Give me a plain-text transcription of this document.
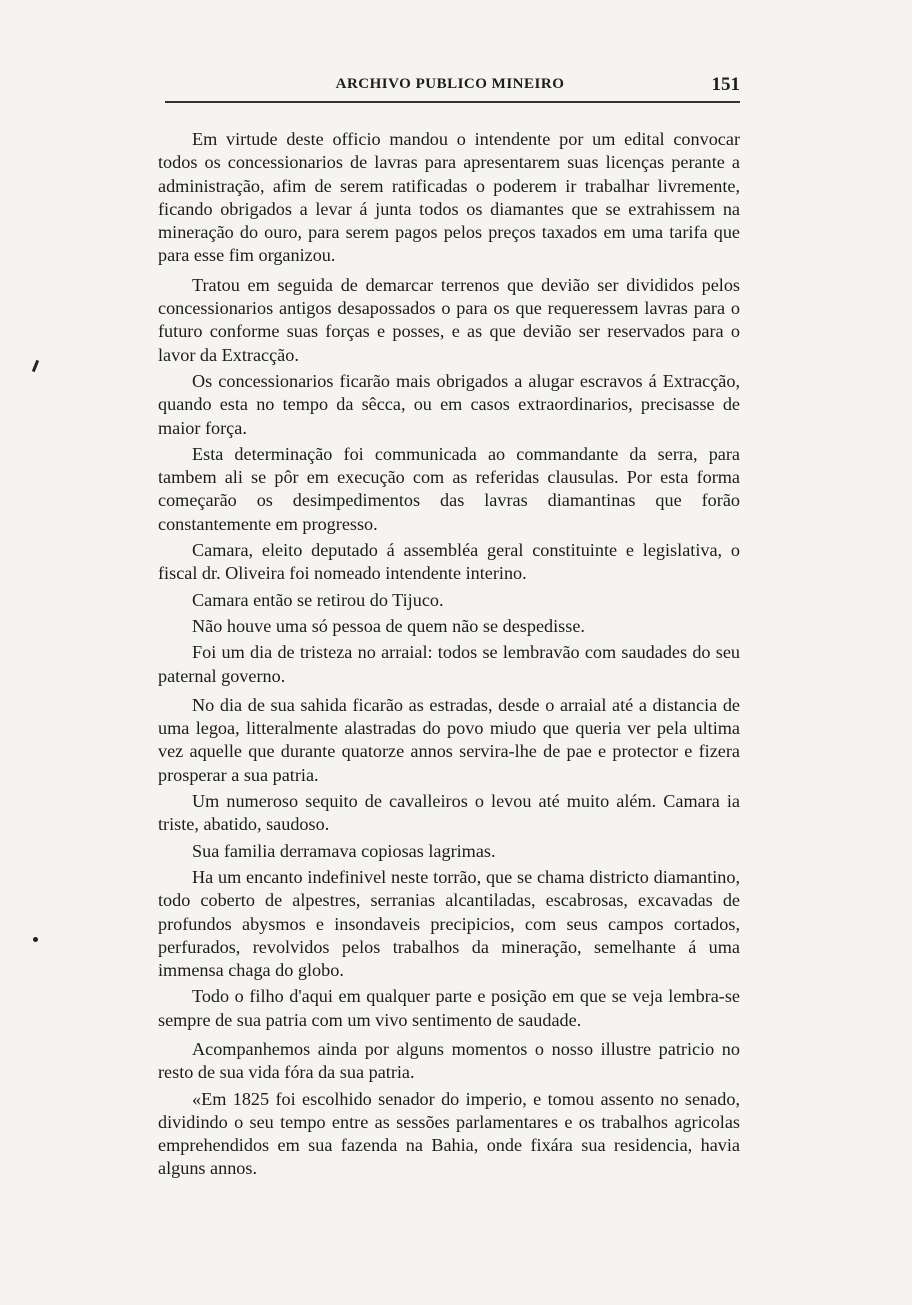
ARCHIVO PUBLICO MINEIRO	151

Em virtude deste officio mandou o intendente por um edital convocar todos os concessionarios de lavras para apresentarem suas licenças perante a administração, afim de serem ratificadas o poderem ir trabalhar livremente, ficando obrigados a levar á junta todos os diamantes que se extrahissem na mineração do ouro, para serem pagos pelos preços taxados em uma tarifa que para esse fim organizou.

Tratou em seguida de demarcar terrenos que devião ser divididos pelos concessionarios antigos desapossados o para os que requeressem lavras para o futuro conforme suas forças e posses, e as que devião ser reservados para o lavor da Extracção.

Os concessionarios ficarão mais obrigados a alugar escravos á Extracção, quando esta no tempo da sêcca, ou em casos extraordinarios, precisasse de maior força.

Esta determinação foi communicada ao commandante da serra, para tambem ali se pôr em execução com as referidas clausulas. Por esta forma começarão os desimpedimentos das lavras diamantinas que forão constantemente em progresso.

Camara, eleito deputado á assembléa geral constituinte e legislativa, o fiscal dr. Oliveira foi nomeado intendente interino.

Camara então se retirou do Tijuco.

Não houve uma só pessoa de quem não se despedisse.

Foi um dia de tristeza no arraial: todos se lembravão com saudades do seu paternal governo.

No dia de sua sahida ficarão as estradas, desde o arraial até a distancia de uma legoa, litteralmente alastradas do povo miudo que queria ver pela ultima vez aquelle que durante quatorze annos servira-lhe de pae e protector e fizera prosperar a sua patria.

Um numeroso sequito de cavalleiros o levou até muito além. Camara ia triste, abatido, saudoso.

Sua familia derramava copiosas lagrimas.

Ha um encanto indefinivel neste torrão, que se chama districto diamantino, todo coberto de alpestres, serranias alcantiladas, escabrosas, excavadas de profundos abysmos e insondaveis precipicios, com seus campos cortados, perfurados, revolvidos pelos trabalhos da mineração, semelhante á uma immensa chaga do globo.

Todo o filho d'aqui em qualquer parte e posição em que se veja lembra-se sempre de sua patria com um vivo sentimento de saudade.

Acompanhemos ainda por alguns momentos o nosso illustre patricio no resto de sua vida fóra da sua patria.

«Em 1825 foi escolhido senador do imperio, e tomou assento no senado, dividindo o seu tempo entre as sessões parlamentares e os trabalhos agricolas emprehendidos em sua fazenda na Bahia, onde fixára sua residencia, havia alguns annos.
